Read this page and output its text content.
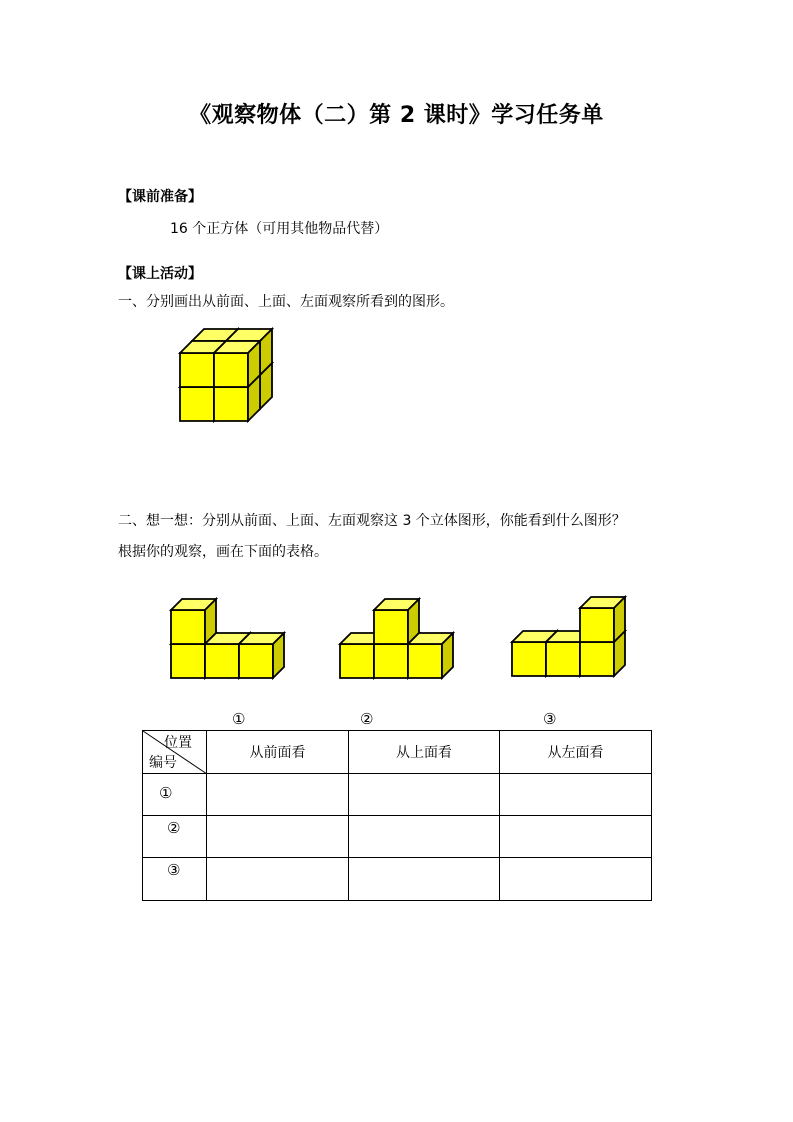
《观察物体（二）第 2 课时》学习任务单
【课前准备】
16 个正方体（可用其他物品代替）
【课上活动】
一、分别画出从前面、上面、左面观察所看到的图形。
二、想一想：分别从前面、上面、左面观察这 3 个立体图形，你能看到什么图形？
根据你的观察，画在下面的表格。
①	②	③
位置
编号	从前面看	从上面看	从左面看
①			
②			
③			
